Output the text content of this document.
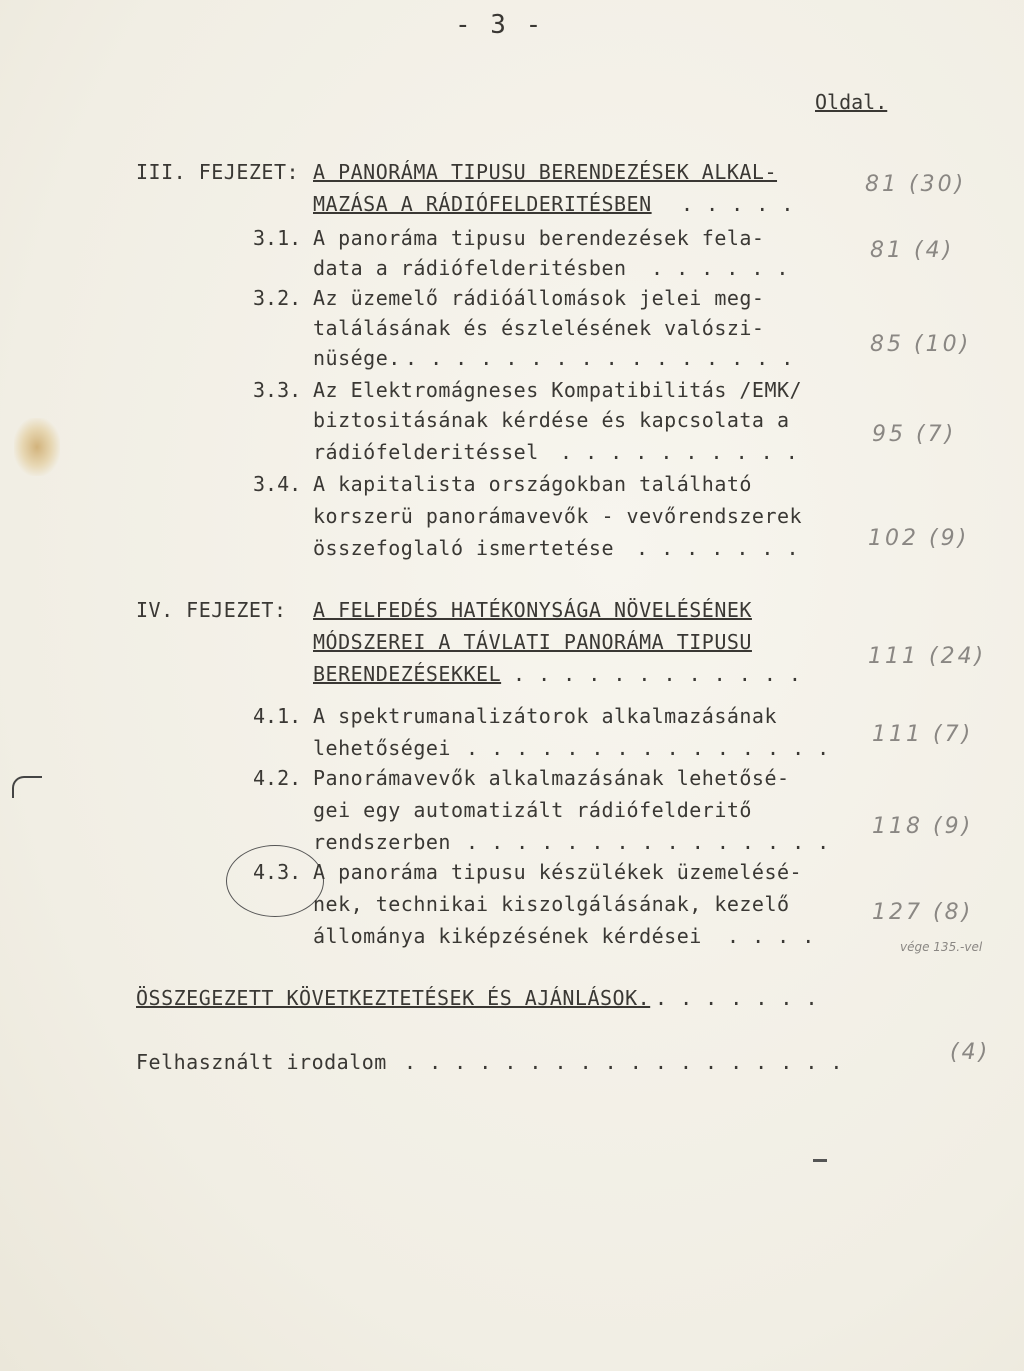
- 3 -
Oldal.
III. FEJEZET: A PANORÁMA TIPUSU BERENDEZÉSEK ALKAL-
MAZÁSA A RÁDIÓFELDERITÉSBEN . . . . .
81 (30)
3.1. A panoráma tipusu berendezések fela-
data a rádiófelderitésben . . . . . .
81 (4)
3.2. Az üzemelő rádióállomások jelei meg-
találásának és észlelésének valószi-
nüsége. . . . . . . . . . . . . . . . .
85 (10)
3.3. Az Elektromágneses Kompatibilitás /EMK/
biztositásának kérdése és kapcsolata a
rádiófelderitéssel . . . . . . . . . .
95 (7)
3.4. A kapitalista országokban található
korszerü panorámavevők - vevőrendszerek
összefoglaló ismertetése . . . . . . .	102 (9)
IV. FEJEZET: A FELFEDÉS HATÉKONYSÁGA NÖVELÉSÉNEK
MÓDSZEREI A TÁVLATI PANORÁMA TIPUSU
BERENDEZÉSEKKEL . . . . . . . . . . . .
111 (24)
4.1. A spektrumanalizátorok alkalmazásának
lehetőségei . . . . . . . . . . . . . . .
111 (7)
4.2. Panorámavevők alkalmazásának lehetősé-
gei egy automatizált rádiófelderitő
rendszerben . . . . . . . . . . . . . . .
118 (9)
4.3. A panoráma tipusu készülékek üzemelésé-
nek, technikai kiszolgálásának, kezelő
állománya kiképzésének kérdései . . . .
127 (8)
vége 135.-vel
ÖSSZEGEZETT KÖVETKEZTETÉSEK ÉS AJÁNLÁSOK. . . . . . . .
Felhasznált irodalom . . . . . . . . . . . . . . . . . .	(4)
